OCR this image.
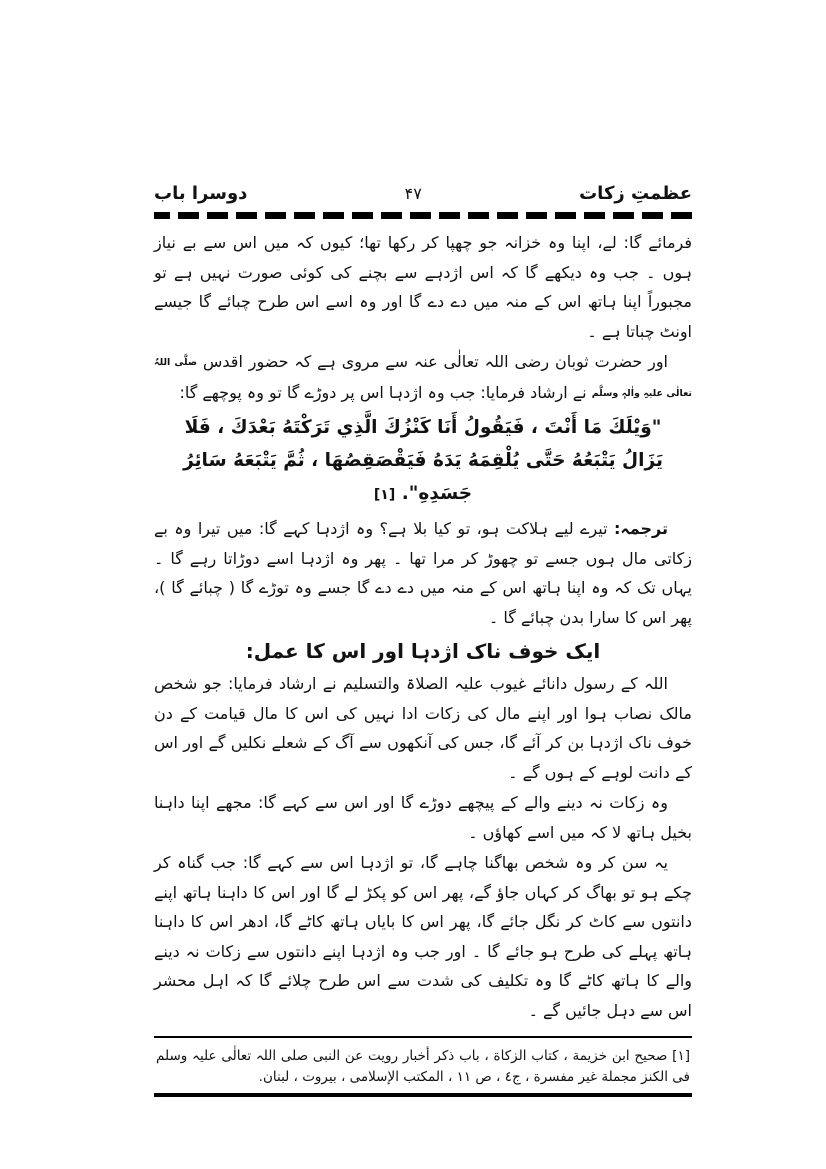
عظمتِ زکات
۴۷
دوسرا باب

فرمائے گا: لے، اپنا وہ خزانہ جو چھپا کر رکھا تھا؛ کیوں کہ میں اس سے بے نیاز ہوں ۔ جب وہ دیکھے گا کہ اس اژدہے سے بچنے کی کوئی صورت نہیں ہے تو مجبوراً اپنا ہاتھ اس کے منہ میں دے دے گا اور وہ اسے اس طرح چبائے گا جیسے اونٹ چباتا ہے ۔

اور حضرت ثوبان رضی اللہ تعالٰی عنہ سے مروی ہے کہ حضور اقدس صلَّی اللہُ تعالٰی علیہِ واٰلہٖ وسلَّم نے ارشاد فرمایا: جب وہ اژدہا اس پر دوڑے گا تو وہ پوچھے گا:

"وَيْلَكَ مَا أَنْتَ ، فَيَقُولُ أَنَا كَنْزُكَ الَّذِي تَرَكْتَهُ بَعْدَكَ ، فَلَا يَزَالُ يَتْبَعُهُ حَتَّى يُلْقِمَهُ يَدَهُ فَيَقْصَقِصُهَا ، ثُمَّ يَتْبَعَهُ سَائِرُ جَسَدِهِ". [۱]

ترجمہ: تیرے لیے ہلاکت ہو، تو کیا بلا ہے؟ وہ اژدہا کہے گا: میں تیرا وہ بے زکاتی مال ہوں جسے تو چھوڑ کر مرا تھا ۔ پھر وہ اژدہا اسے دوڑاتا رہے گا ۔ یہاں تک کہ وہ اپنا ہاتھ اس کے منہ میں دے دے گا جسے وہ توڑے گا ( چبائے گا )، پھر اس کا سارا بدن چبائے گا ۔

ایک خوف ناک اژدہا اور اس کا عمل:

اللہ کے رسول دانائے غیوب علیہ الصلاۃ والتسلیم نے ارشاد فرمایا: جو شخص مالک نصاب ہوا اور اپنے مال کی زکات ادا نہیں کی اس کا مال قیامت کے دن خوف ناک اژدہا بن کر آئے گا، جس کی آنکھوں سے آگ کے شعلے نکلیں گے اور اس کے دانت لوہے کے ہوں گے ۔

وہ زکات نہ دینے والے کے پیچھے دوڑے گا اور اس سے کہے گا: مجھے اپنا داہنا بخیل ہاتھ لا کہ میں اسے کھاؤں ۔

یہ سن کر وہ شخص بھاگنا چاہے گا، تو اژدہا اس سے کہے گا: جب گناہ کر چکے ہو تو بھاگ کر کہاں جاؤ گے، پھر اس کو پکڑ لے گا اور اس کا داہنا ہاتھ اپنے دانتوں سے کاٹ کر نگل جائے گا، پھر اس کا بایاں ہاتھ کاٹے گا، ادھر اس کا داہنا ہاتھ پہلے کی طرح ہو جائے گا ۔ اور جب وہ اژدہا اپنے دانتوں سے زکات نہ دینے والے کا ہاتھ کاٹے گا وہ تکلیف کی شدت سے اس طرح چلائے گا کہ اہل محشر اس سے دہل جائیں گے ۔

[۱] صحیح ابن خزیمة ، کتاب الزکاة ، باب ذکر أخبار رویت عن النبی صلی اللہ تعالٰی علیہ وسلم فی الکنز مجملة غیر مفسرة ، ج٤ ، ص ١١ ، المکتب الإسلامی ، بیروت ، لبنان.
